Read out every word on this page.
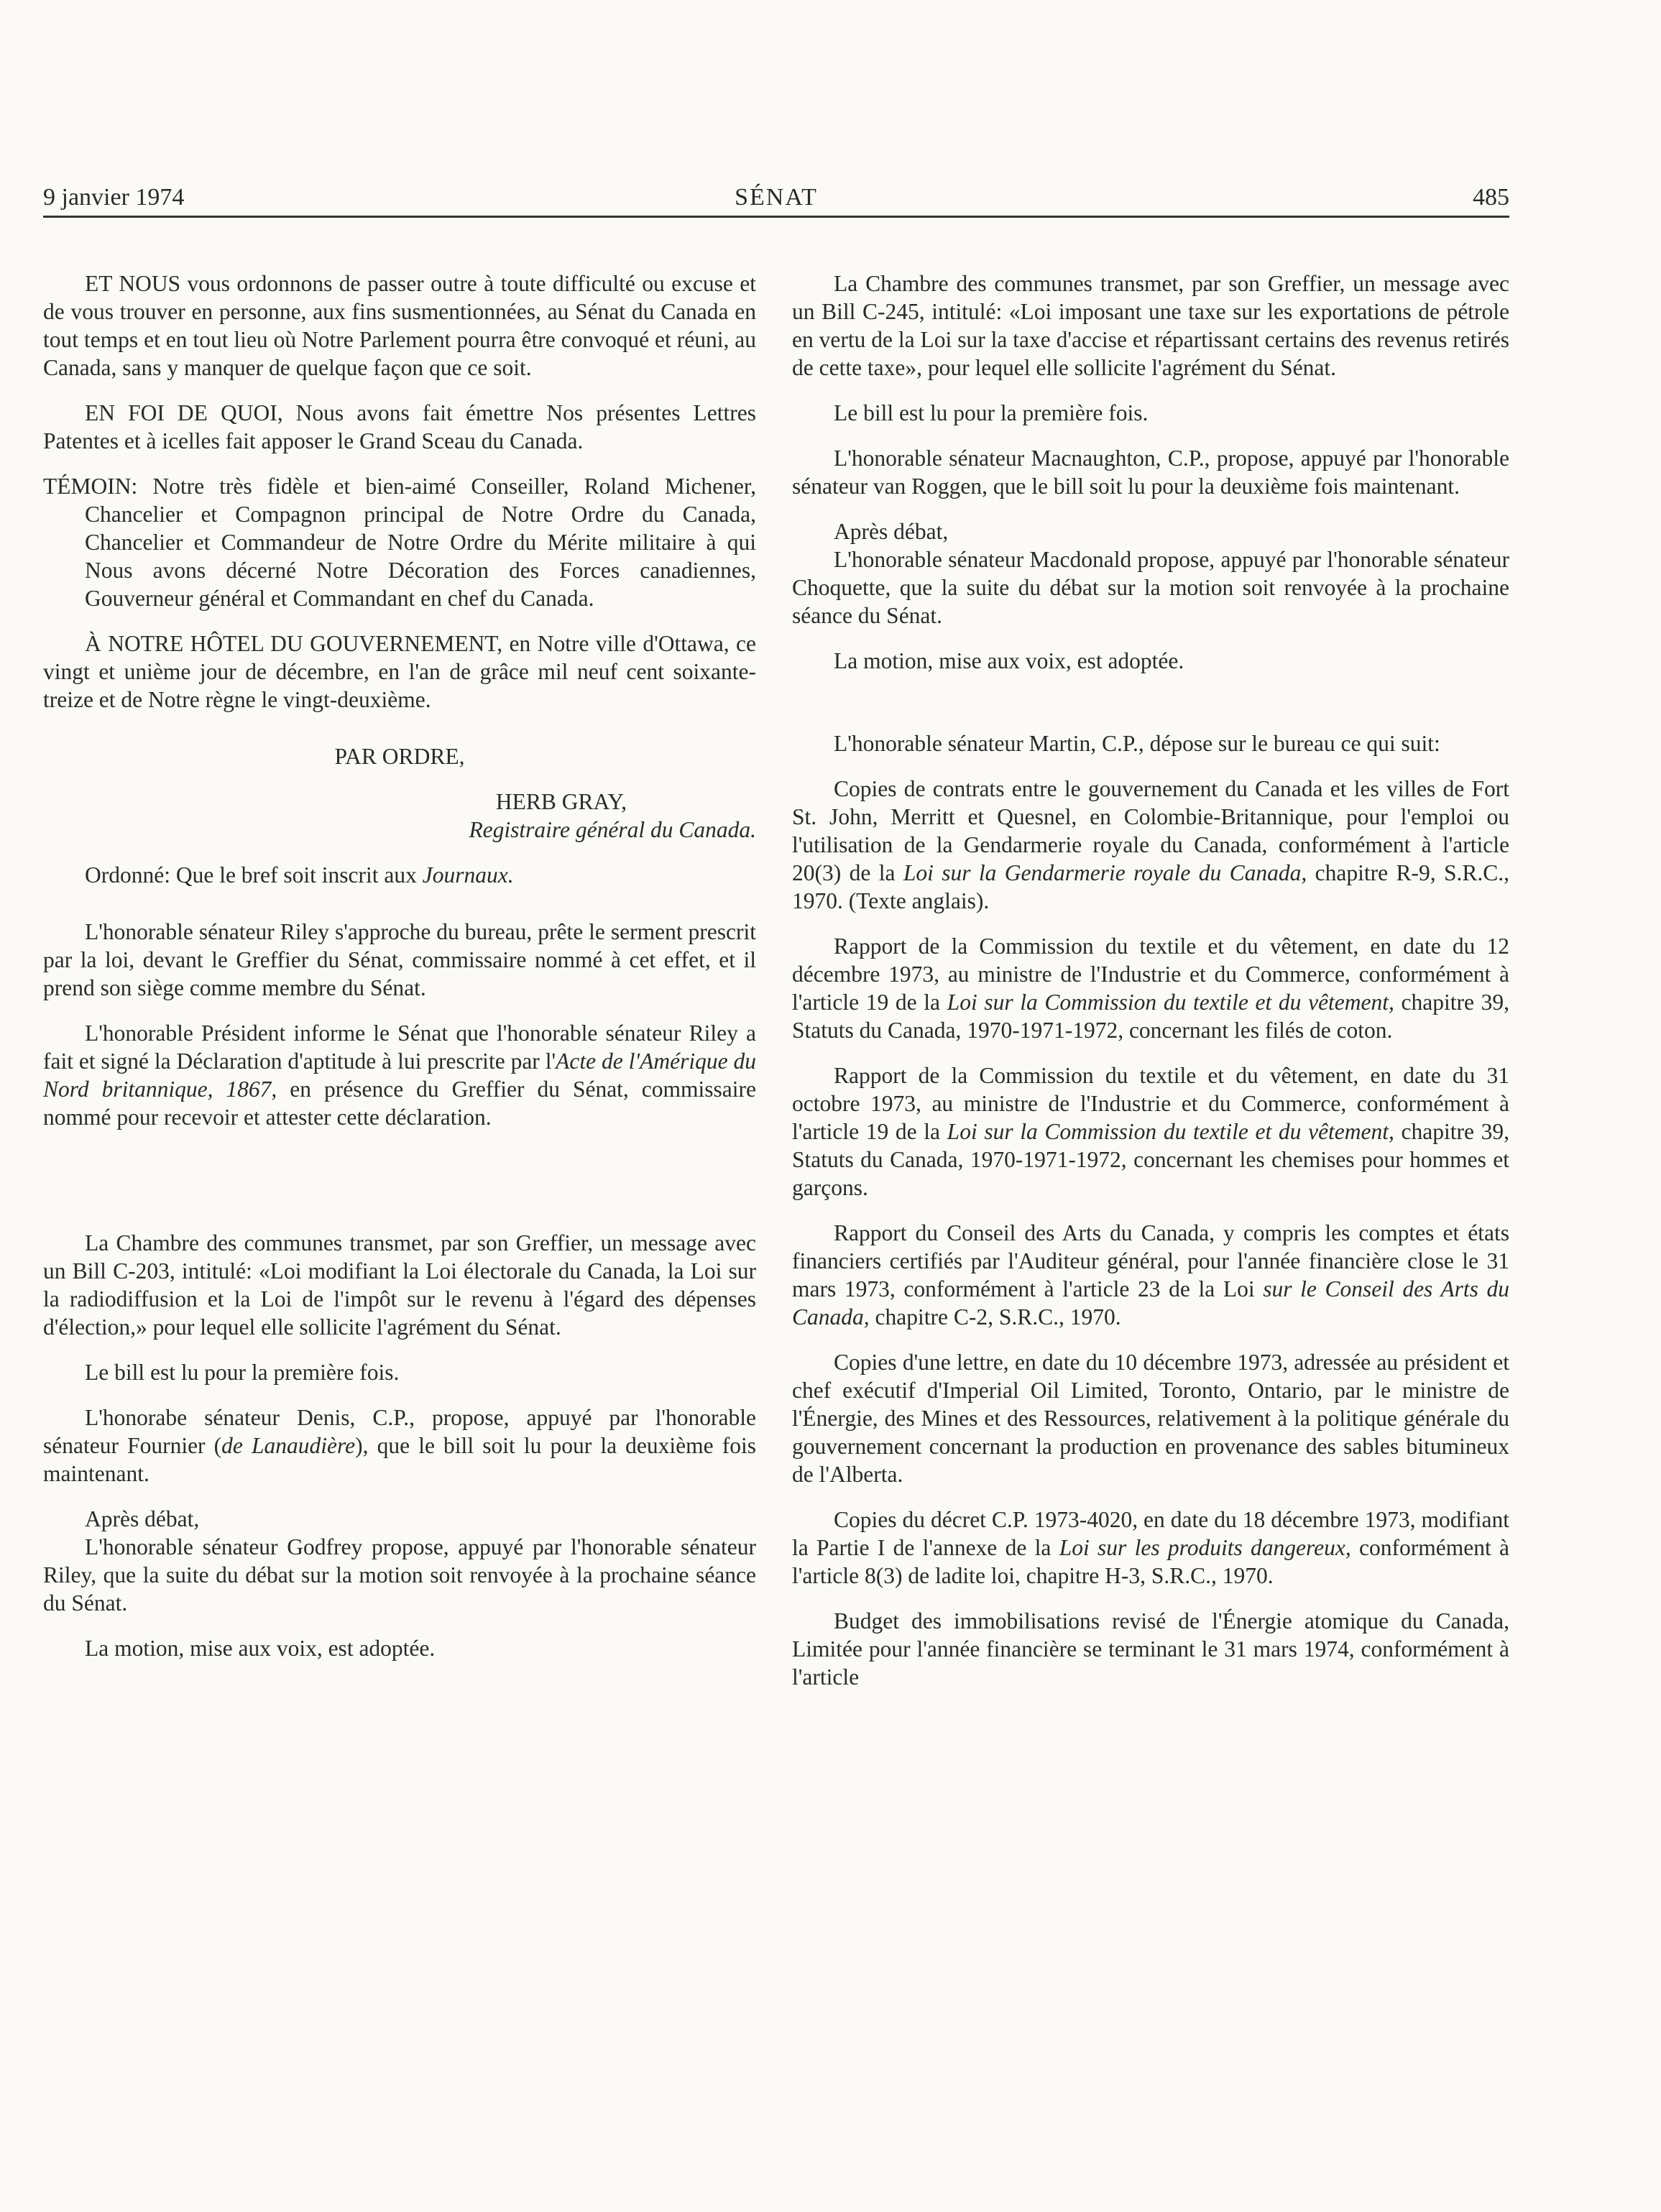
9 janvier 1974	SÉNAT	485

ET NOUS vous ordonnons de passer outre à toute difficulté ou excuse et de vous trouver en personne, aux fins susmentionnées, au Sénat du Canada en tout temps et en tout lieu où Notre Parlement pourra être convoqué et réuni, au Canada, sans y manquer de quelque façon que ce soit.

EN FOI DE QUOI, Nous avons fait émettre Nos présentes Lettres Patentes et à icelles fait apposer le Grand Sceau du Canada.

TÉMOIN: Notre très fidèle et bien-aimé Conseiller, Roland Michener, Chancelier et Compagnon principal de Notre Ordre du Canada, Chancelier et Commandeur de Notre Ordre du Mérite militaire à qui Nous avons décerné Notre Décoration des Forces canadiennes, Gouverneur général et Commandant en chef du Canada.

À NOTRE HÔTEL DU GOUVERNEMENT, en Notre ville d'Ottawa, ce vingt et unième jour de décembre, en l'an de grâce mil neuf cent soixante-treize et de Notre règne le vingt-deuxième.

PAR ORDRE,

HERB GRAY,

Registraire général du Canada.

Ordonné: Que le bref soit inscrit aux Journaux.

L'honorable sénateur Riley s'approche du bureau, prête le serment prescrit par la loi, devant le Greffier du Sénat, commissaire nommé à cet effet, et il prend son siège comme membre du Sénat.

L'honorable Président informe le Sénat que l'honorable sénateur Riley a fait et signé la Déclaration d'aptitude à lui prescrite par l'Acte de l'Amérique du Nord britannique, 1867, en présence du Greffier du Sénat, commissaire nommé pour recevoir et attester cette déclaration.

La Chambre des communes transmet, par son Greffier, un message avec un Bill C-203, intitulé: «Loi modifiant la Loi électorale du Canada, la Loi sur la radiodiffusion et la Loi de l'impôt sur le revenu à l'égard des dépenses d'élection,» pour lequel elle sollicite l'agrément du Sénat.

Le bill est lu pour la première fois.

L'honorabe sénateur Denis, C.P., propose, appuyé par l'honorable sénateur Fournier (de Lanaudière), que le bill soit lu pour la deuxième fois maintenant.

Après débat,

L'honorable sénateur Godfrey propose, appuyé par l'honorable sénateur Riley, que la suite du débat sur la motion soit renvoyée à la prochaine séance du Sénat.

La motion, mise aux voix, est adoptée.

La Chambre des communes transmet, par son Greffier, un message avec un Bill C-245, intitulé: «Loi imposant une taxe sur les exportations de pétrole en vertu de la Loi sur la taxe d'accise et répartissant certains des revenus retirés de cette taxe», pour lequel elle sollicite l'agrément du Sénat.

Le bill est lu pour la première fois.

L'honorable sénateur Macnaughton, C.P., propose, appuyé par l'honorable sénateur van Roggen, que le bill soit lu pour la deuxième fois maintenant.

Après débat,

L'honorable sénateur Macdonald propose, appuyé par l'honorable sénateur Choquette, que la suite du débat sur la motion soit renvoyée à la prochaine séance du Sénat.

La motion, mise aux voix, est adoptée.

L'honorable sénateur Martin, C.P., dépose sur le bureau ce qui suit:

Copies de contrats entre le gouvernement du Canada et les villes de Fort St. John, Merritt et Quesnel, en Colombie-Britannique, pour l'emploi ou l'utilisation de la Gendarmerie royale du Canada, conformément à l'article 20(3) de la Loi sur la Gendarmerie royale du Canada, chapitre R-9, S.R.C., 1970. (Texte anglais).

Rapport de la Commission du textile et du vêtement, en date du 12 décembre 1973, au ministre de l'Industrie et du Commerce, conformément à l'article 19 de la Loi sur la Commission du textile et du vêtement, chapitre 39, Statuts du Canada, 1970-1971-1972, concernant les filés de coton.

Rapport de la Commission du textile et du vêtement, en date du 31 octobre 1973, au ministre de l'Industrie et du Commerce, conformément à l'article 19 de la Loi sur la Commission du textile et du vêtement, chapitre 39, Statuts du Canada, 1970-1971-1972, concernant les chemises pour hommes et garçons.

Rapport du Conseil des Arts du Canada, y compris les comptes et états financiers certifiés par l'Auditeur général, pour l'année financière close le 31 mars 1973, conformément à l'article 23 de la Loi sur le Conseil des Arts du Canada, chapitre C-2, S.R.C., 1970.

Copies d'une lettre, en date du 10 décembre 1973, adressée au président et chef exécutif d'Imperial Oil Limited, Toronto, Ontario, par le ministre de l'Énergie, des Mines et des Ressources, relativement à la politique générale du gouvernement concernant la production en provenance des sables bitumineux de l'Alberta.

Copies du décret C.P. 1973-4020, en date du 18 décembre 1973, modifiant la Partie I de l'annexe de la Loi sur les produits dangereux, conformément à l'article 8(3) de ladite loi, chapitre H-3, S.R.C., 1970.

Budget des immobilisations revisé de l'Énergie atomique du Canada, Limitée pour l'année financière se terminant le 31 mars 1974, conformément à l'article
